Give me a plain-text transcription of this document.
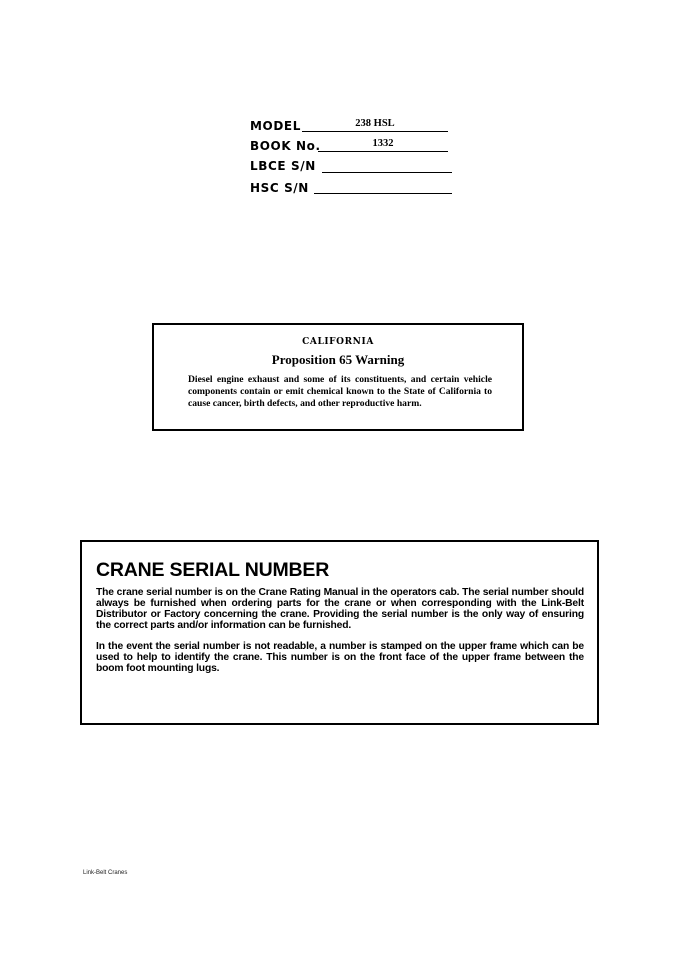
MODEL	238 HSL
BOOK No.	1332
LBCE S/N
HSC S/N
CALIFORNIA
Proposition 65 Warning
Diesel engine exhaust and some of its constituents, and certain vehicle components contain or emit chemical known to the State of California to cause cancer, birth defects, and other reproductive harm.
CRANE SERIAL NUMBER
The crane serial number is on the Crane Rating Manual in the operators cab. The serial number should always be furnished when ordering parts for the crane or when corresponding with the Link-Belt Distributor or Factory concerning the crane. Providing the serial number is the only way of ensuring the correct parts and/or information can be furnished.
In the event the serial number is not readable, a number is stamped on the upper frame which can be used to help to identify the crane. This number is on the front face of the upper frame between the boom foot mounting lugs.
Link-Belt Cranes
